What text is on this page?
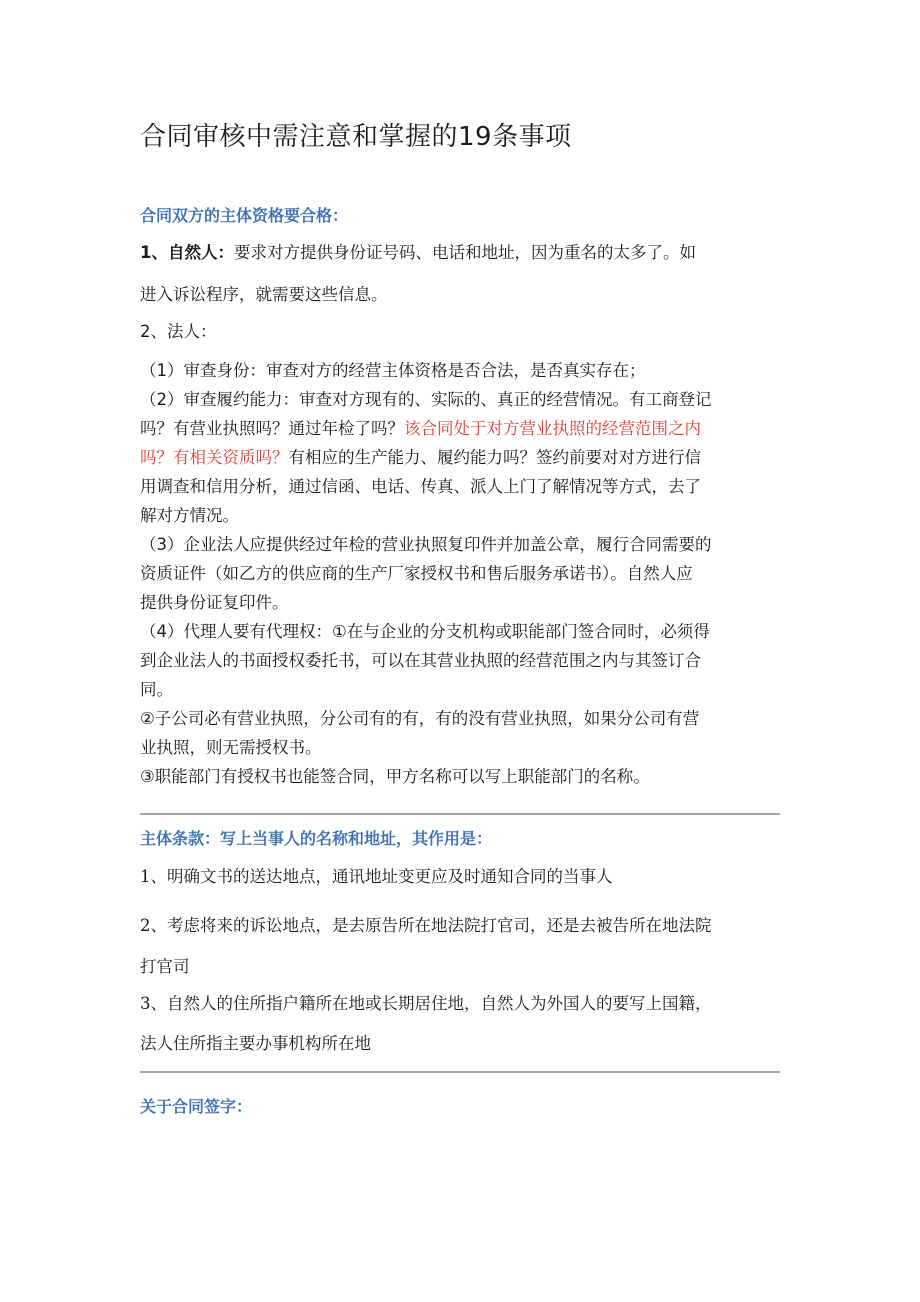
合同审核中需注意和掌握的19条事项
合同双方的主体资格要合格：
1、自然人：要求对方提供身份证号码、电话和地址，因为重名的太多了。如
进入诉讼程序，就需要这些信息。
2、法人：
（1）审查身份：审查对方的经营主体资格是否合法，是否真实存在；
（2）审查履约能力：审查对方现有的、实际的、真正的经营情况。有工商登记
吗？有营业执照吗？通过年检了吗？该合同处于对方营业执照的经营范围之内
吗？有相关资质吗？有相应的生产能力、履约能力吗？签约前要对对方进行信
用调查和信用分析，通过信函、电话、传真、派人上门了解情况等方式，去了
解对方情况。
（3）企业法人应提供经过年检的营业执照复印件并加盖公章，履行合同需要的
资质证件（如乙方的供应商的生产厂家授权书和售后服务承诺书）。自然人应
提供身份证复印件。
（4）代理人要有代理权：①在与企业的分支机构或职能部门签合同时，必须得
到企业法人的书面授权委托书，可以在其营业执照的经营范围之内与其签订合
同。
②子公司必有营业执照，分公司有的有，有的没有营业执照，如果分公司有营
业执照，则无需授权书。
③职能部门有授权书也能签合同，甲方名称可以写上职能部门的名称。
主体条款：写上当事人的名称和地址，其作用是：
1、明确文书的送达地点，通讯地址变更应及时通知合同的当事人
2、考虑将来的诉讼地点，是去原告所在地法院打官司，还是去被告所在地法院
打官司
3、自然人的住所指户籍所在地或长期居住地，自然人为外国人的要写上国籍，
法人住所指主要办事机构所在地
关于合同签字：
